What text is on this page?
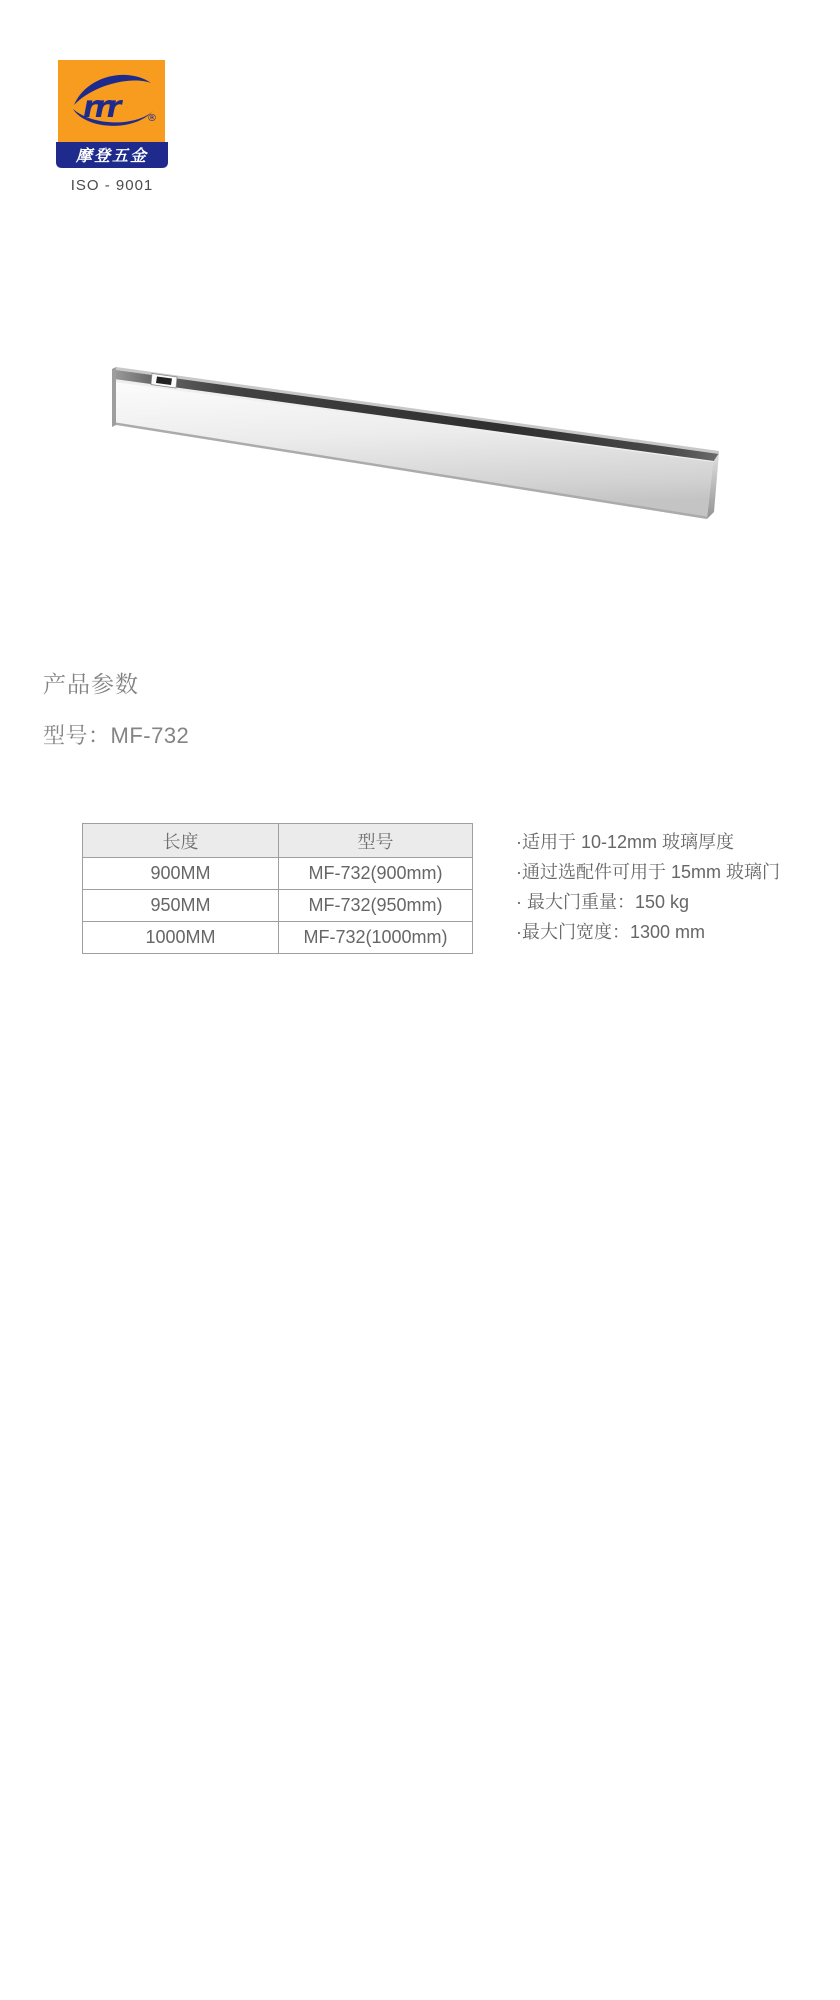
rrr	®
摩登五金
ISO - 9001
产品参数
型号：MF-732
长度	型号
900MM	MF-732(900mm)
950MM	MF-732(950mm)
1000MM	MF-732(1000mm)
·适用于 10-12mm 玻璃厚度
·通过选配件可用于 15mm 玻璃门
· 最大门重量：150 kg
·最大门宽度：1300 mm
